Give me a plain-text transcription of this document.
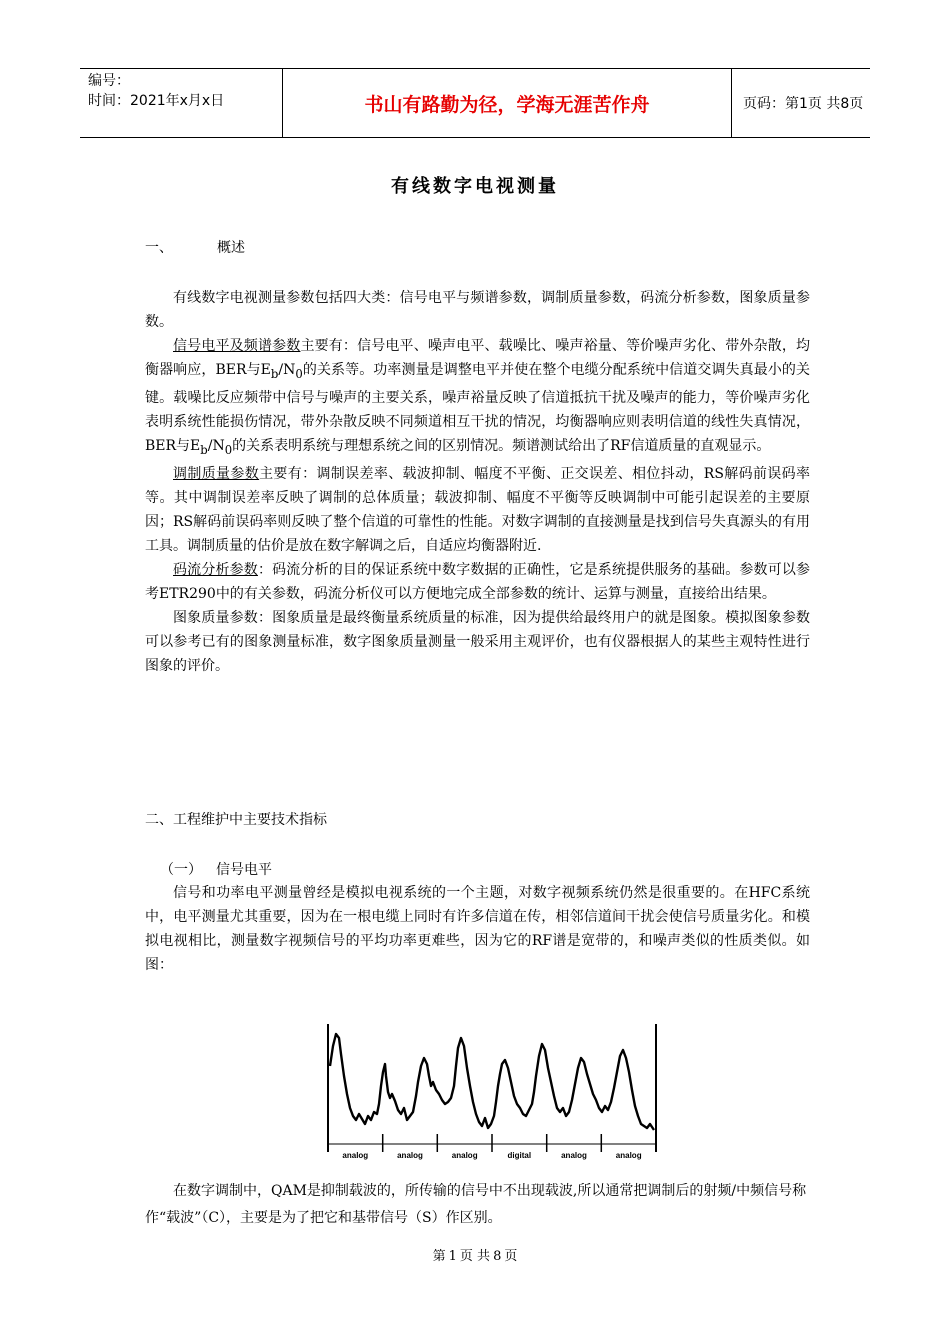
编号：
时间：2021年x月x日	书山有路勤为径，学海无涯苦作舟	页码：第1页 共8页
有线数字电视测量
一、	概述

有线数字电视测量参数包括四大类：信号电平与频谱参数，调制质量参数，码流分析参数，图象质量参数。

信号电平及频谱参数主要有：信号电平、噪声电平、载噪比、噪声裕量、等价噪声劣化、带外杂散，均衡器响应，BER与$E_b/N_0$的关系等。功率测量是调整电平并使在整个电缆分配系统中信道交调失真最小的关键。载噪比反应频带中信号与噪声的主要关系，噪声裕量反映了信道抵抗干扰及噪声的能力，等价噪声劣化表明系统性能损伤情况，带外杂散反映不同频道相互干扰的情况，均衡器响应则表明信道的线性失真情况，BER与$E_b/N_0$的关系表明系统与理想系统之间的区别情况。频谱测试给出了RF信道质量的直观显示。

调制质量参数主要有：调制误差率、载波抑制、幅度不平衡、正交误差、相位抖动，RS解码前误码率等。其中调制误差率反映了调制的总体质量；载波抑制、幅度不平衡等反映调制中可能引起误差的主要原因；RS解码前误码率则反映了整个信道的可靠性的性能。对数字调制的直接测量是找到信号失真源头的有用工具。调制质量的估价是放在数字解调之后，自适应均衡器附近.

码流分析参数：码流分析的目的保证系统中数字数据的正确性，它是系统提供服务的基础。参数可以参考ETR290中的有关参数，码流分析仪可以方便地完成全部参数的统计、运算与测量，直接给出结果。

图象质量参数：图象质量是最终衡量系统质量的标准，因为提供给最终用户的就是图象。模拟图象参数可以参考已有的图象测量标准，数字图象质量测量一般采用主观评价，也有仪器根据人的某些主观特性进行图象的评价。

二、工程维护中主要技术指标
（一） 信号电平

信号和功率电平测量曾经是模拟电视系统的一个主题，对数字视频系统仍然是很重要的。在HFC系统中，电平测量尤其重要，因为在一根电缆上同时有许多信道在传，相邻信道间干扰会使信号质量劣化。和模拟电视相比，测量数字视频信号的平均功率更难些，因为它的RF谱是宽带的，和噪声类似的性质类似。如图：

analog	analog	analog	digital	analog	analog

在数字调制中，QAM是抑制载波的，所传输的信号中不出现载波,所以通常把调制后的射频/中频信号称作“载波”（C），主要是为了把它和基带信号（S）作区别。

第 1 页 共 8 页
